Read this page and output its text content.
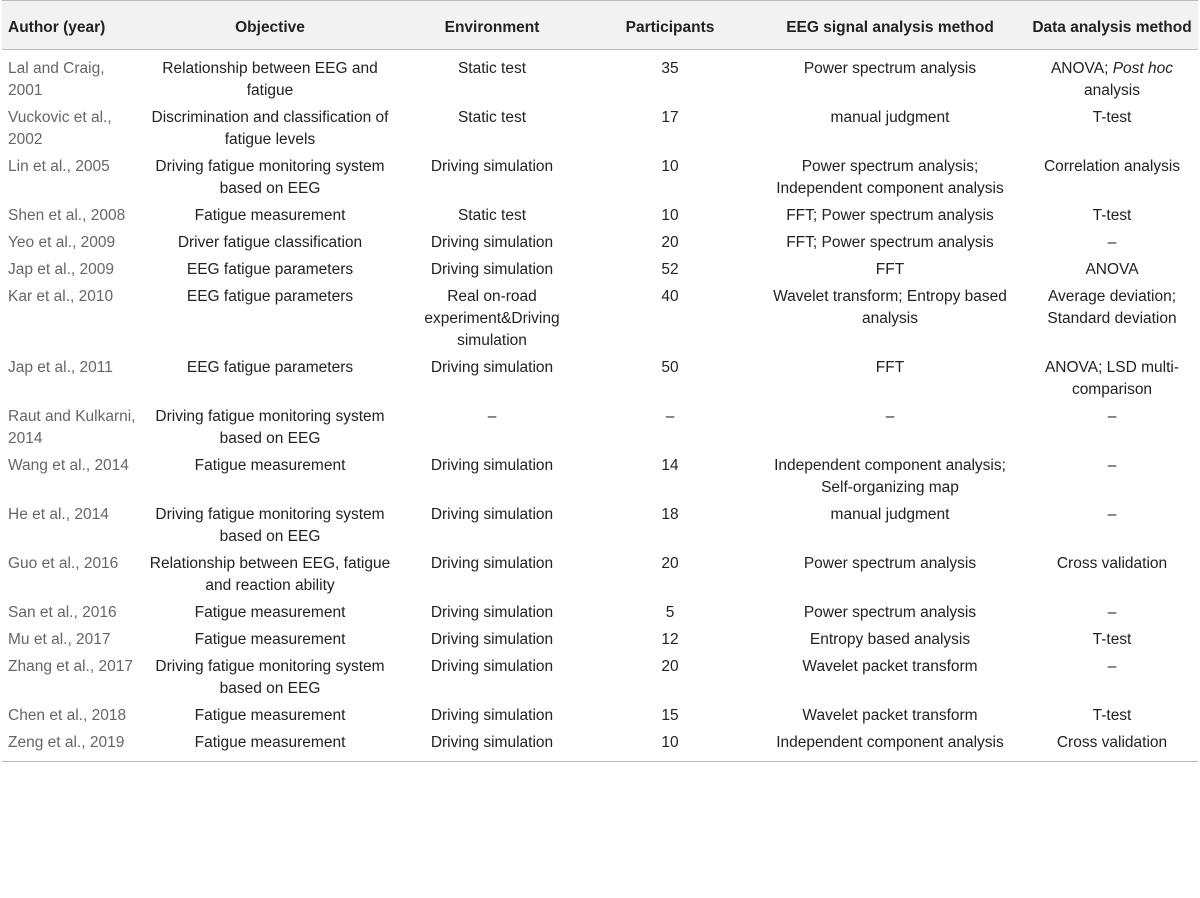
Author (year)	Objective	Environment	Participants	EEG signal analysis method	Data analysis method
Lal and Craig, 2001	Relationship between EEG and fatigue	Static test	35	Power spectrum analysis	ANOVA; Post hoc analysis
Vuckovic et al., 2002	Discrimination and classification of fatigue levels	Static test	17	manual judgment	T-test
Lin et al., 2005	Driving fatigue monitoring system based on EEG	Driving simulation	10	Power spectrum analysis; Independent component analysis	Correlation analysis
Shen et al., 2008	Fatigue measurement	Static test	10	FFT; Power spectrum analysis	T-test
Yeo et al., 2009	Driver fatigue classification	Driving simulation	20	FFT; Power spectrum analysis	–
Jap et al., 2009	EEG fatigue parameters	Driving simulation	52	FFT	ANOVA
Kar et al., 2010	EEG fatigue parameters	Real on-road experiment&Driving simulation	40	Wavelet transform; Entropy based analysis	Average deviation; Standard deviation
Jap et al., 2011	EEG fatigue parameters	Driving simulation	50	FFT	ANOVA; LSD multi-comparison
Raut and Kulkarni, 2014	Driving fatigue monitoring system based on EEG	–	–	–	–
Wang et al., 2014	Fatigue measurement	Driving simulation	14	Independent component analysis; Self-organizing map	–
He et al., 2014	Driving fatigue monitoring system based on EEG	Driving simulation	18	manual judgment	–
Guo et al., 2016	Relationship between EEG, fatigue and reaction ability	Driving simulation	20	Power spectrum analysis	Cross validation
San et al., 2016	Fatigue measurement	Driving simulation	5	Power spectrum analysis	–
Mu et al., 2017	Fatigue measurement	Driving simulation	12	Entropy based analysis	T-test
Zhang et al., 2017	Driving fatigue monitoring system based on EEG	Driving simulation	20	Wavelet packet transform	–
Chen et al., 2018	Fatigue measurement	Driving simulation	15	Wavelet packet transform	T-test
Zeng et al., 2019	Fatigue measurement	Driving simulation	10	Independent component analysis	Cross validation
